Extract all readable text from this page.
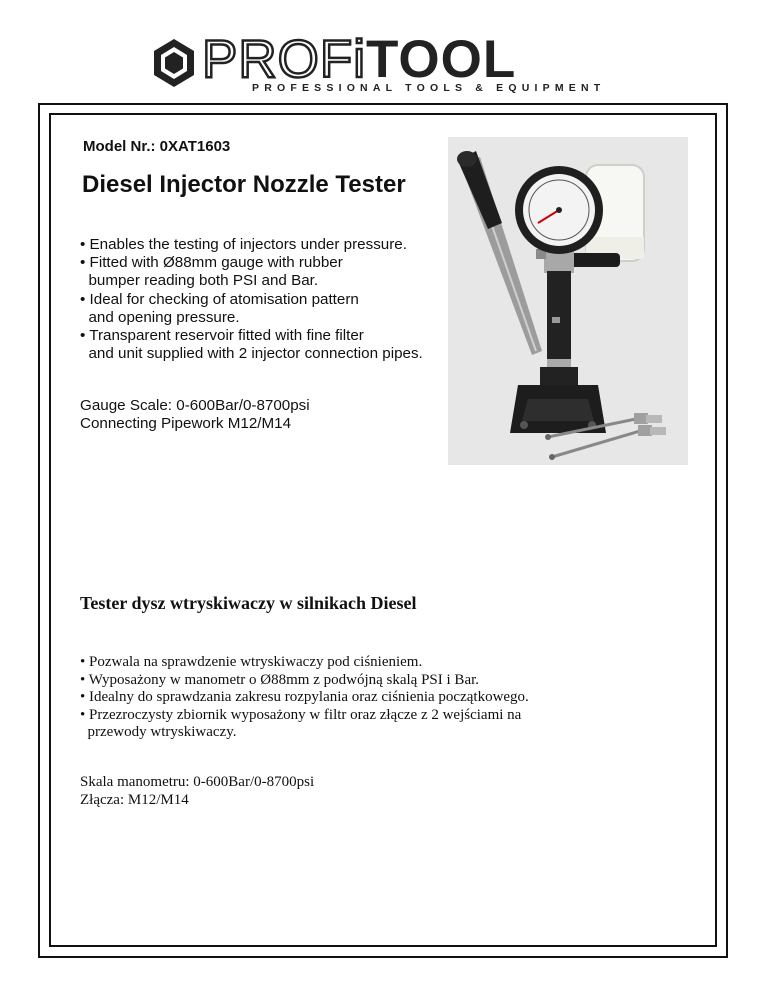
PROFiTOOL
PROFESSIONAL TOOLS & EQUIPMENT
Model Nr.: 0XAT1603
Diesel Injector Nozzle Tester
• Enables the testing of injectors under pressure.
• Fitted with Ø88mm gauge with rubber
bumper reading both PSI and Bar.
• Ideal for checking of atomisation pattern
and opening pressure.
• Transparent reservoir fitted with fine filter
and unit supplied with 2 injector connection pipes.
Gauge Scale: 0-600Bar/0-8700psi
Connecting Pipework M12/M14
Tester dysz wtryskiwaczy w silnikach Diesel
• Pozwala na sprawdzenie wtryskiwaczy pod ciśnieniem.
• Wyposażony w manometr o Ø88mm z podwójną skalą PSI i Bar.
• Idealny do sprawdzania zakresu rozpylania oraz ciśnienia początkowego.
• Przezroczysty zbiornik wyposażony w filtr oraz złącze z 2 wejściami na
przewody wtryskiwaczy.
Skala manometru: 0-600Bar/0-8700psi
Złącza: M12/M14
